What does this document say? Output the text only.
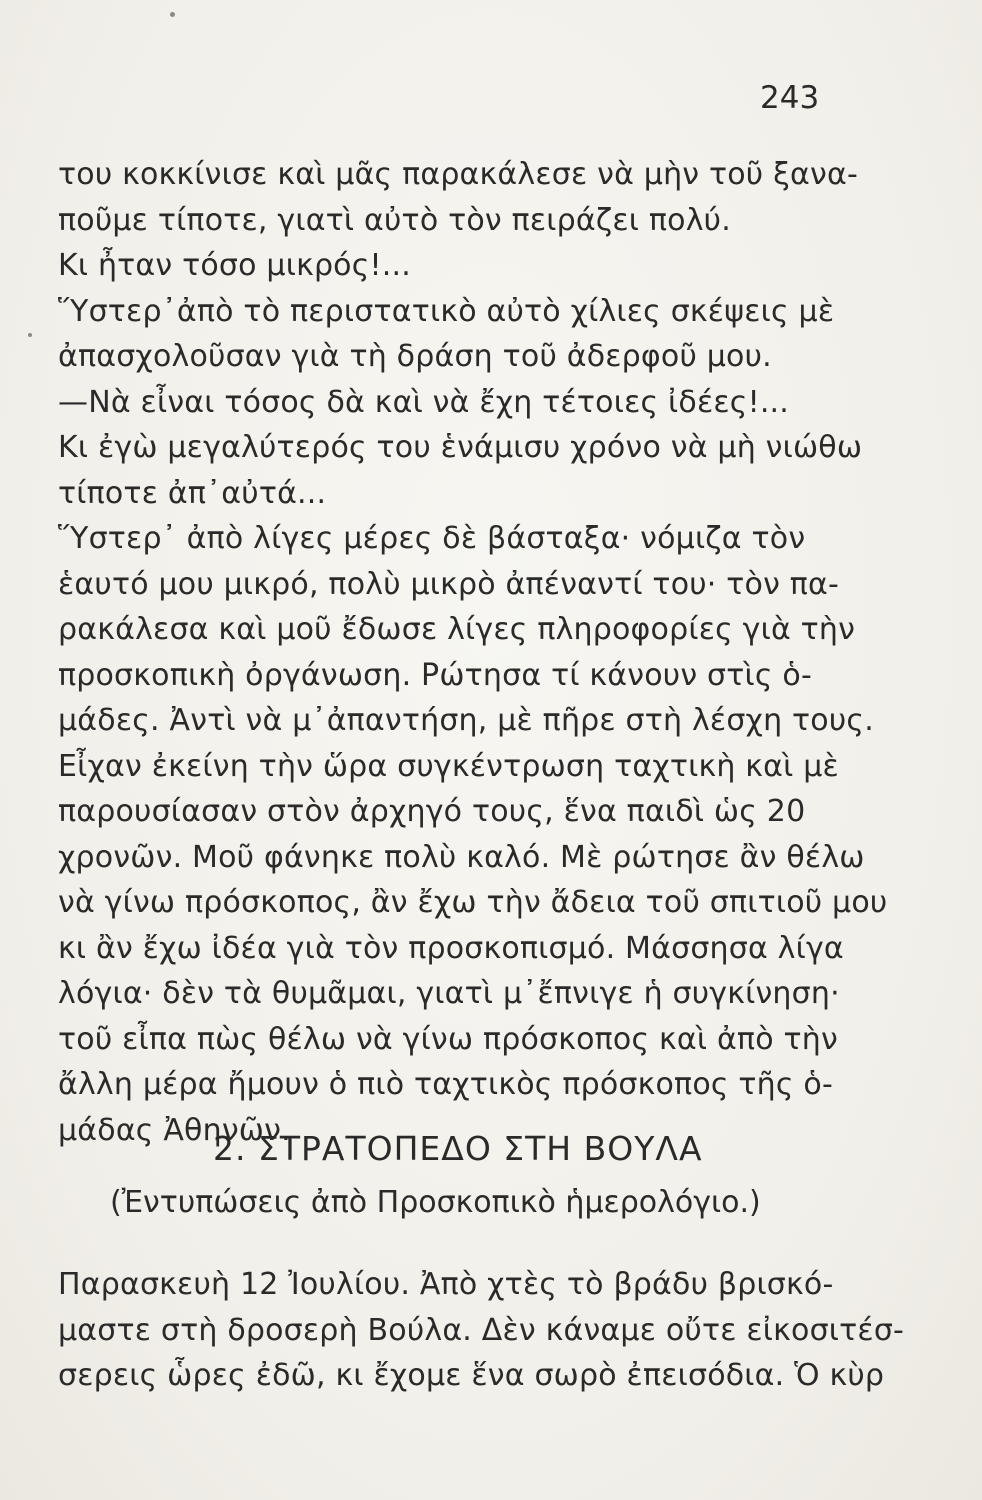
243
του κοκκίνισε καὶ μᾶς παρακάλεσε νὰ μὴν τοῦ ξανα-
ποῦμε τίποτε, γιατὶ αὐτὸ τὸν πειράζει πολύ.
Κι ἦταν τόσο μικρός!...
Ὕστερ᾽ἀπὸ τὸ περιστατικὸ αὐτὸ χίλιες σκέψεις μὲ
ἀπασχολοῦσαν γιὰ τὴ δράση τοῦ ἀδερφοῦ μου.
—Νὰ εἶναι τόσος δὰ καὶ νὰ ἔχη τέτοιες ἰδέες!...
Κι ἐγὼ μεγαλύτερός του ἑνάμισυ χρόνο νὰ μὴ νιώθω
τίποτε ἀπ᾽αὐτά...
Ὕστερ᾽ ἀπὸ λίγες μέρες δὲ βάσταξα· νόμιζα τὸν
ἑαυτό μου μικρό, πολὺ μικρὸ ἀπέναντί του· τὸν πα-
ρακάλεσα καὶ μοῦ ἔδωσε λίγες πληροφορίες γιὰ τὴν
προσκοπικὴ ὀργάνωση. Ρώτησα τί κάνουν στὶς ὁ-
μάδες. Ἀντὶ νὰ μ᾽ἀπαντήση, μὲ πῆρε στὴ λέσχη τους.
Εἶχαν ἐκείνη τὴν ὥρα συγκέντρωση ταχτικὴ καὶ μὲ
παρουσίασαν στὸν ἀρχηγό τους, ἕνα παιδὶ ὡς 20
χρονῶν. Μοῦ φάνηκε πολὺ καλό. Μὲ ρώτησε ἂν θέλω
νὰ γίνω πρόσκοπος, ἂν ἔχω τὴν ἄδεια τοῦ σπιτιοῦ μου
κι ἂν ἔχω ἰδέα γιὰ τὸν προσκοπισμό. Μάσσησα λίγα
λόγια· δὲν τὰ θυμᾶμαι, γιατὶ μ᾽ἔπνιγε ἡ συγκίνηση·
τοῦ εἶπα πὼς θέλω νὰ γίνω πρόσκοπος καὶ ἀπὸ τὴν
ἄλλη μέρα ἤμουν ὁ πιὸ ταχτικὸς πρόσκοπος τῆς ὁ-
μάδας Ἀθηνῶν.
2. ΣΤΡΑΤΟΠΕΔΟ ΣΤΗ ΒΟΥΛΑ
(Ἐντυπώσεις ἀπὸ Προσκοπικὸ ἡμερολόγιο.)
Παρασκευὴ 12 Ἰουλίου. Ἀπὸ χτὲς τὸ βράδυ βρισκό-
μαστε στὴ δροσερὴ Βούλα. Δὲν κάναμε οὔτε εἰκοσιτέσ-
σερεις ὧρες ἐδῶ, κι ἔχομε ἕνα σωρὸ ἐπεισόδια. Ὁ κὺρ
